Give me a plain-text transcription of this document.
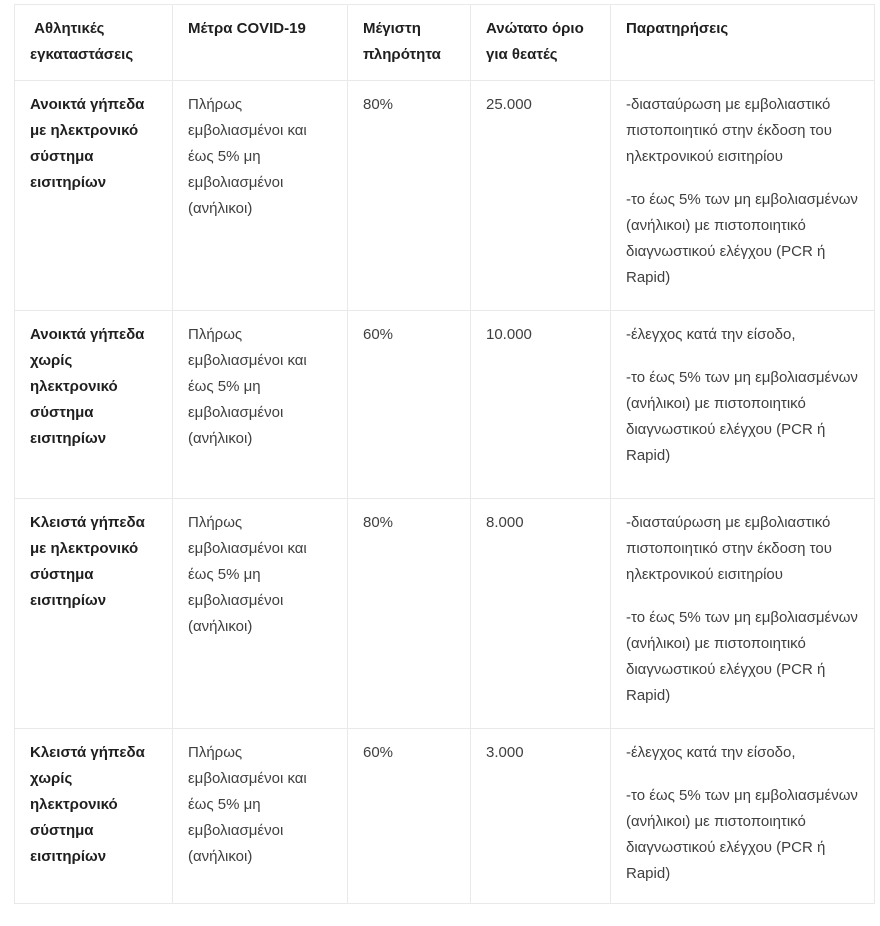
Αθλητικές εγκαταστάσεις	Μέτρα COVID-19	Μέγιστη πληρότητα	Ανώτατο όριο για θεατές	Παρατηρήσεις
Ανοικτά γήπεδα με ηλεκτρονικό σύστημα εισιτηρίων	Πλήρως εμβολιασμένοι και έως 5% μη εμβολιασμένοι (ανήλικοι)	80%	25.000	-διασταύρωση με εμβολιαστικό πιστοποιητικό στην έκδοση του ηλεκτρονικού εισιτηρίου

-το έως 5% των μη εμβολιασμένων (ανήλικοι) με πιστοποιητικό διαγνωστικού ελέγχου (PCR ή Rapid)

Ανοικτά γήπεδα χωρίς ηλεκτρονικό σύστημα εισιτηρίων	Πλήρως εμβολιασμένοι και έως 5% μη εμβολιασμένοι (ανήλικοι)	60%	10.000	-έλεγχος κατά την είσοδο,

-το έως 5% των μη εμβολιασμένων (ανήλικοι) με πιστοποιητικό διαγνωστικού ελέγχου (PCR ή Rapid)

Κλειστά γήπεδα με ηλεκτρονικό σύστημα εισιτηρίων	Πλήρως εμβολιασμένοι και έως 5% μη εμβολιασμένοι (ανήλικοι)	80%	8.000	-διασταύρωση με εμβολιαστικό πιστοποιητικό στην έκδοση του ηλεκτρονικού εισιτηρίου

-το έως 5% των μη εμβολιασμένων (ανήλικοι) με πιστοποιητικό διαγνωστικού ελέγχου (PCR ή Rapid)

Κλειστά γήπεδα χωρίς ηλεκτρονικό σύστημα εισιτηρίων	Πλήρως εμβολιασμένοι και έως 5% μη εμβολιασμένοι (ανήλικοι)	60%	3.000	-έλεγχος κατά την είσοδο,

-το έως 5% των μη εμβολιασμένων (ανήλικοι) με πιστοποιητικό διαγνωστικού ελέγχου (PCR ή Rapid)
